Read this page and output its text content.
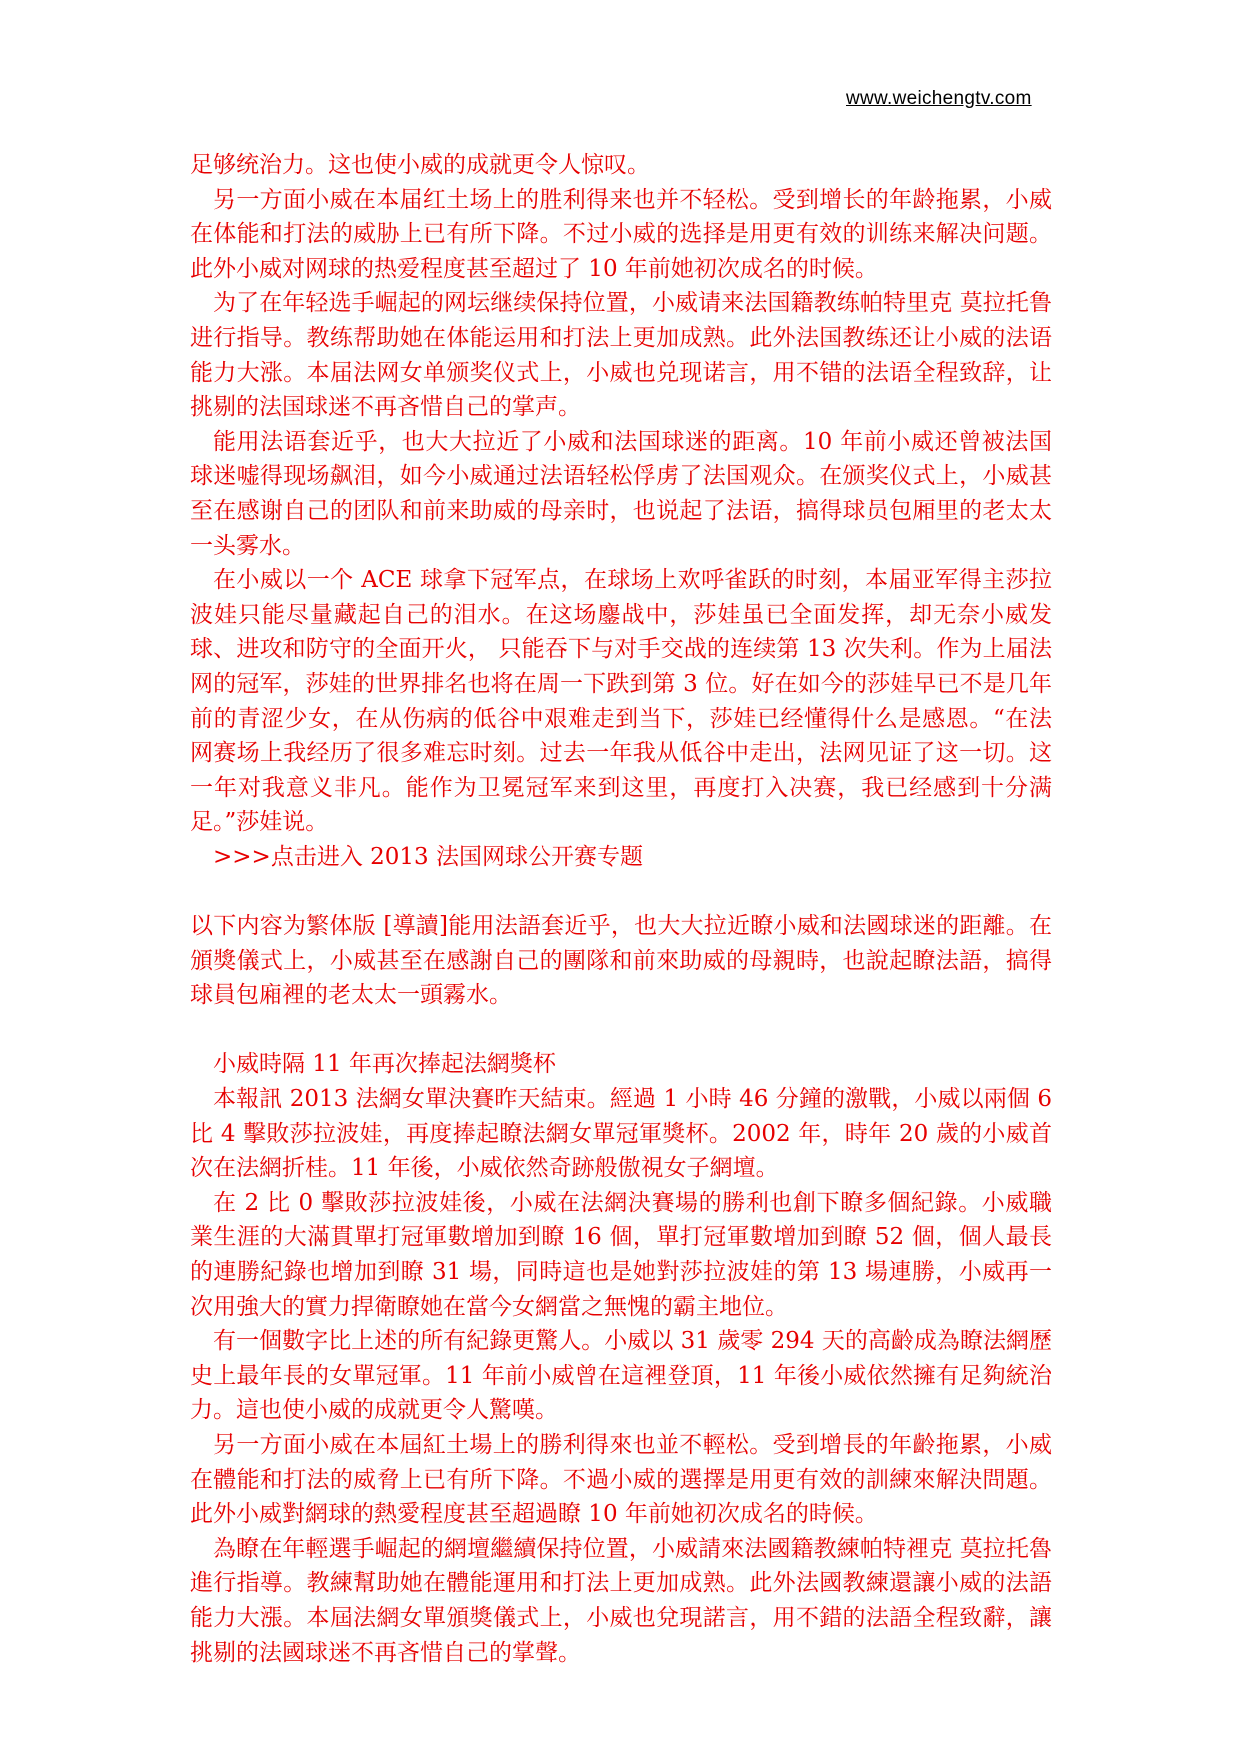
www.weichengtv.com

足够统治力。这也使小威的成就更令人惊叹。

另一方面小威在本届红土场上的胜利得来也并不轻松。受到增长的年龄拖累，小威在体能和打法的威胁上已有所下降。不过小威的选择是用更有效的训练来解决问题。此外小威对网球的热爱程度甚至超过了 10 年前她初次成名的时候。

为了在年轻选手崛起的网坛继续保持位置，小威请来法国籍教练帕特里克 莫拉托鲁进行指导。教练帮助她在体能运用和打法上更加成熟。此外法国教练还让小威的法语能力大涨。本届法网女单颁奖仪式上，小威也兑现诺言，用不错的法语全程致辞，让挑剔的法国球迷不再吝惜自己的掌声。

能用法语套近乎，也大大拉近了小威和法国球迷的距离。10 年前小威还曾被法国球迷嘘得现场飙泪，如今小威通过法语轻松俘虏了法国观众。在颁奖仪式上，小威甚至在感谢自己的团队和前来助威的母亲时，也说起了法语，搞得球员包厢里的老太太一头雾水。

在小威以一个 ACE 球拿下冠军点，在球场上欢呼雀跃的时刻，本届亚军得主莎拉波娃只能尽量藏起自己的泪水。在这场鏖战中，莎娃虽已全面发挥，却无奈小威发球、进攻和防守的全面开火， 只能吞下与对手交战的连续第 13 次失利。作为上届法网的冠军，莎娃的世界排名也将在周一下跌到第 3 位。好在如今的莎娃早已不是几年前的青涩少女，在从伤病的低谷中艰难走到当下，莎娃已经懂得什么是感恩。“在法网赛场上我经历了很多难忘时刻。过去一年我从低谷中走出，法网见证了这一切。这一年对我意义非凡。能作为卫冕冠军来到这里，再度打入决赛，我已经感到十分满足。”莎娃说。

>>>点击进入 2013 法国网球公开赛专题

以下内容为繁体版 [導讀]能用法語套近乎，也大大拉近瞭小威和法國球迷的距離。在頒獎儀式上，小威甚至在感謝自己的團隊和前來助威的母親時，也說起瞭法語，搞得球員包廂裡的老太太一頭霧水。

小威時隔 11 年再次捧起法網獎杯

本報訊 2013 法網女單決賽昨天結束。經過 1 小時 46 分鐘的激戰，小威以兩個 6 比 4 擊敗莎拉波娃，再度捧起瞭法網女單冠軍獎杯。2002 年，時年 20 歲的小威首次在法網折桂。11 年後，小威依然奇跡般傲視女子網壇。

在 2 比 0 擊敗莎拉波娃後，小威在法網決賽場的勝利也創下瞭多個紀錄。小威職業生涯的大滿貫單打冠軍數增加到瞭 16 個，單打冠軍數增加到瞭 52 個，個人最長的連勝紀錄也增加到瞭 31 場，同時這也是她對莎拉波娃的第 13 場連勝，小威再一次用強大的實力捍衛瞭她在當今女網當之無愧的霸主地位。

有一個數字比上述的所有紀錄更驚人。小威以 31 歲零 294 天的高齡成為瞭法網歷史上最年長的女單冠軍。11 年前小威曾在這裡登頂，11 年後小威依然擁有足夠統治力。這也使小威的成就更令人驚嘆。

另一方面小威在本屆紅土場上的勝利得來也並不輕松。受到增長的年齡拖累，小威在體能和打法的威脅上已有所下降。不過小威的選擇是用更有效的訓練來解決問題。此外小威對網球的熱愛程度甚至超過瞭 10 年前她初次成名的時候。

為瞭在年輕選手崛起的網壇繼續保持位置，小威請來法國籍教練帕特裡克 莫拉托魯進行指導。教練幫助她在體能運用和打法上更加成熟。此外法國教練還讓小威的法語能力大漲。本屆法網女單頒獎儀式上，小威也兌現諾言，用不錯的法語全程致辭，讓挑剔的法國球迷不再吝惜自己的掌聲。
